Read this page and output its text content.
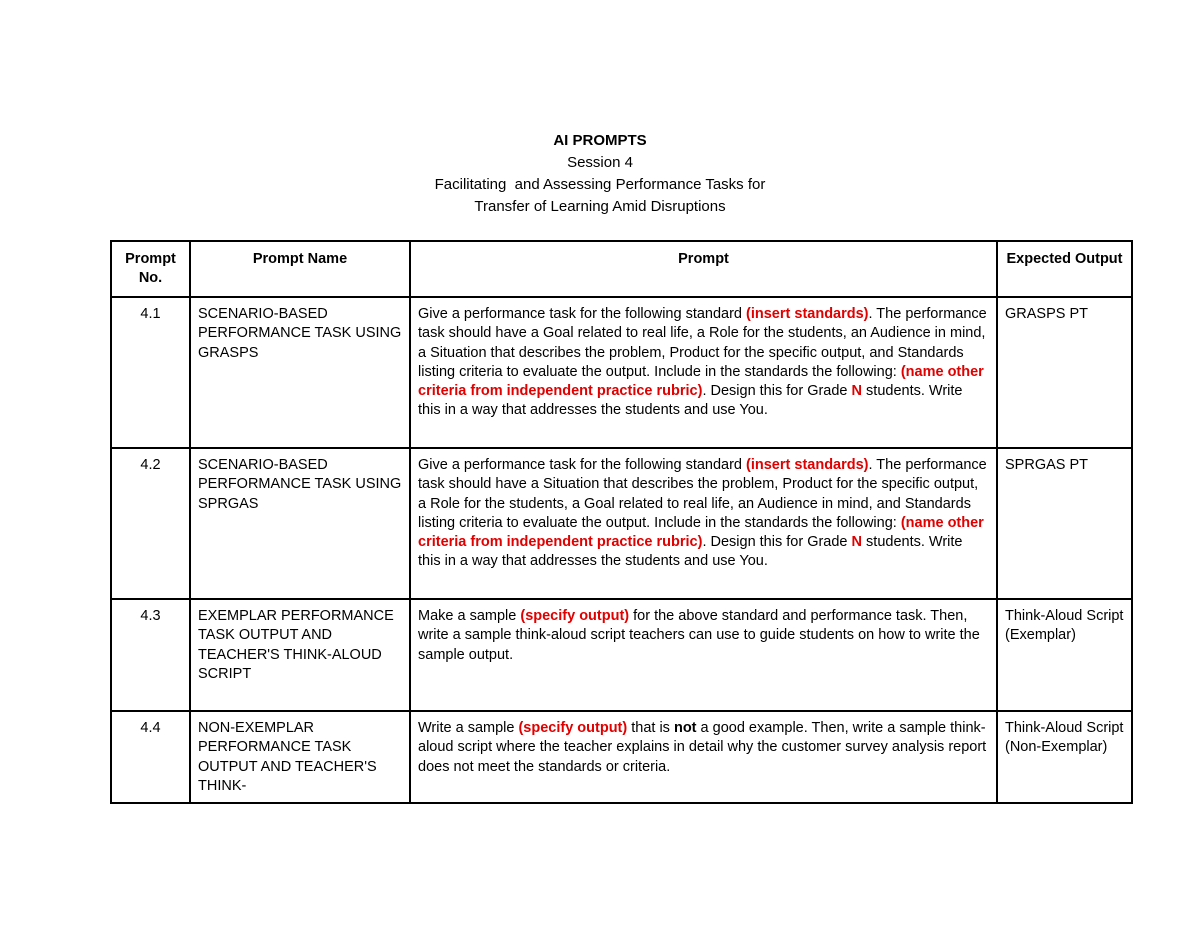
AI PROMPTS
Session 4
Facilitating  and Assessing Performance Tasks for
Transfer of Learning Amid Disruptions
Prompt No.	Prompt Name	Prompt	Expected Output
4.1	SCENARIO-BASED PERFORMANCE TASK USING GRASPS	Give a performance task for the following standard (insert standards). The performance task should have a Goal related to real life, a Role for the students, an Audience in mind, a Situation that describes the problem, Product for the specific output, and Standards listing criteria to evaluate the output. Include in the standards the following: (name other criteria from independent practice rubric). Design this for Grade N students. Write this in a way that addresses the students and use You.	GRASPS PT
4.2	SCENARIO-BASED PERFORMANCE TASK USING SPRGAS	Give a performance task for the following standard (insert standards). The performance task should have a Situation that describes the problem, Product for the specific output, a Role for the students, a Goal related to real life, an Audience in mind, and Standards listing criteria to evaluate the output. Include in the standards the following: (name other criteria from independent practice rubric). Design this for Grade N students. Write this in a way that addresses the students and use You.	SPRGAS PT
4.3	EXEMPLAR PERFORMANCE TASK OUTPUT AND TEACHER'S THINK-ALOUD SCRIPT	Make a sample (specify output) for the above standard and performance task. Then, write a sample think-aloud script teachers can use to guide students on how to write the sample output.	Think-Aloud Script (Exemplar)
4.4	NON-EXEMPLAR PERFORMANCE TASK OUTPUT AND TEACHER'S THINK-	Write a sample (specify output) that is not a good example. Then, write a sample think-aloud script where the teacher explains in detail why the customer survey analysis report does not meet the standards or criteria.	Think-Aloud Script (Non-Exemplar)
